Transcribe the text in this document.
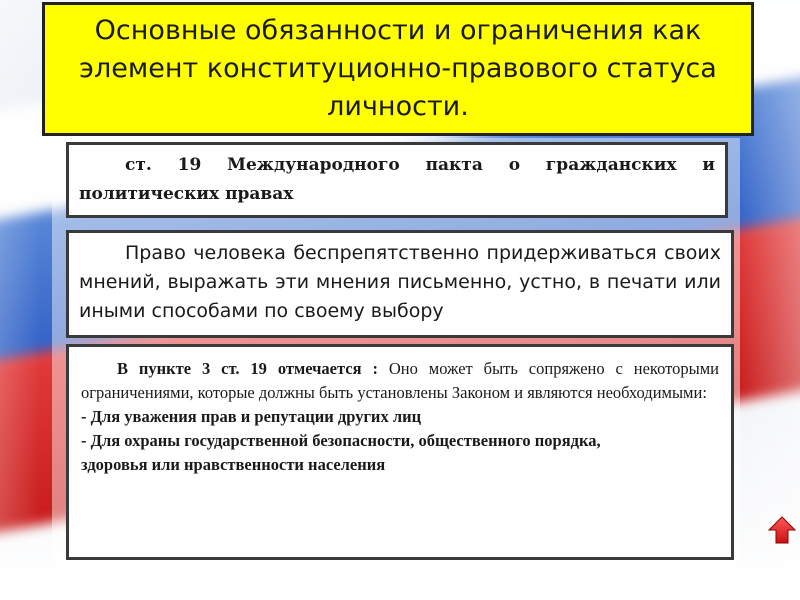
Основные обязанности и ограничения как элемент конституционно-правового статуса личности.
ст. 19 Международного пакта о гражданских и политических правах
Право человека беспрепятственно придерживаться своих мнений, выражать эти мнения письменно, устно, в печати или иными способами по своему выбору
В пункте 3 ст. 19 отмечается : Оно может быть сопряжено с некоторыми ограничениями, которые должны быть установлены Законом и являются необходимыми:
- Для уважения прав и репутации других лиц
- Для охраны государственной безопасности, общественного порядка,
здоровья или нравственности населения
